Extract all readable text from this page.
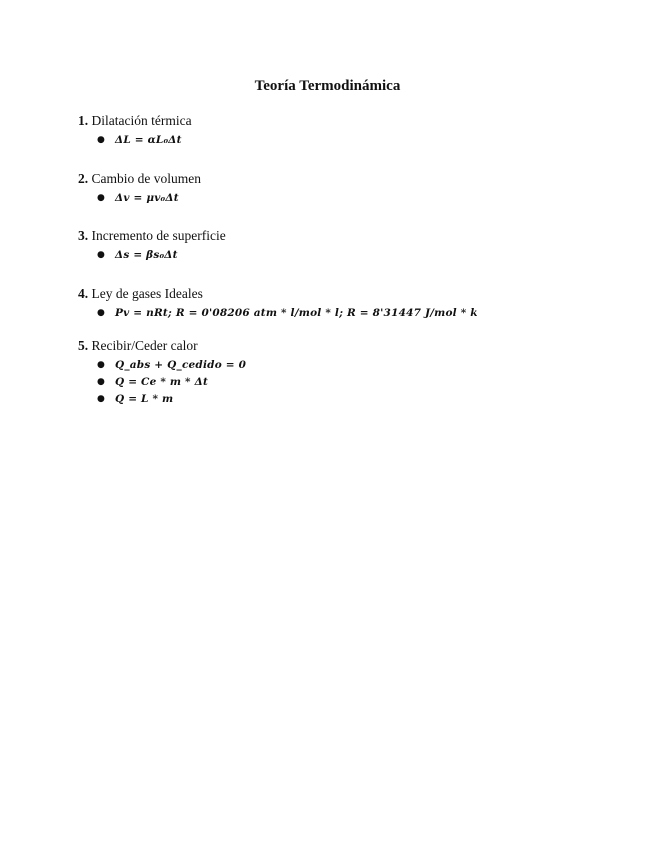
Teoría Termodinámica
1. Dilatación térmica
● ΔL = αL₀Δt
2. Cambio de volumen
● Δv = μv₀Δt
3. Incremento de superficie
● Δs = βs₀Δt
4. Ley de gases Ideales
● Pv = nRt; R = 0'08206 atm * l/mol * l; R = 8'31447 J/mol * k
5. Recibir/Ceder calor
● Q_abs + Q_cedido = 0
● Q = Ce * m * Δt
● Q = L * m
